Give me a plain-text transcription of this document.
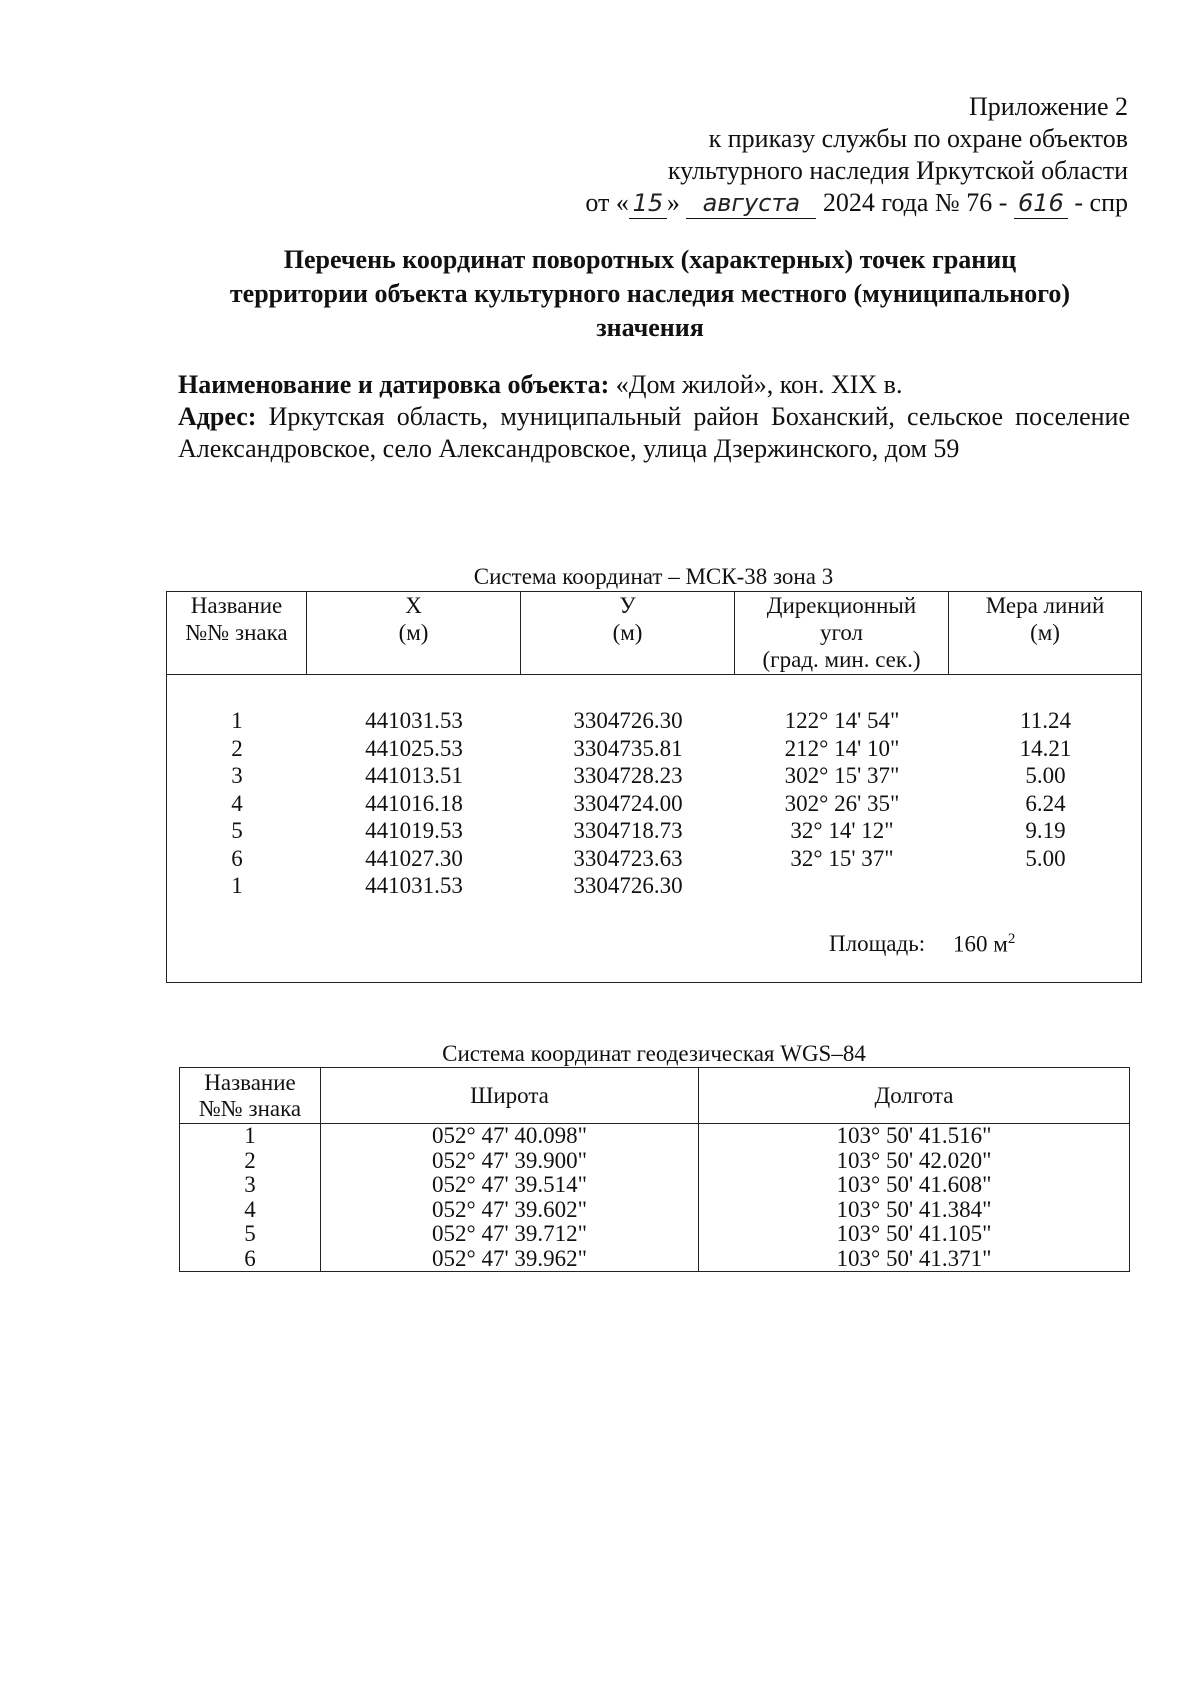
Приложение 2
к приказу службы по охране объектов
культурного наследия Иркутской области
от « 15 » августа 2024 года № 76 - 616 - спр
Перечень координат поворотных (характерных) точек границ
территории объекта культурного наследия местного (муниципального)
значения
Наименование и датировка объекта: «Дом жилой», кон. XIX в.
Адрес: Иркутская область, муниципальный район Боханский, сельское поселение Александровское, село Александровское, улица Дзержинского, дом 59
Система координат – МСК-38 зона 3
Название
№№ знака

Х
(м)

У
(м)

Дирекционный
угол
(град. мин. сек.)

Мера линий
(м)

1	441031.53	3304726.30	122° 14' 54"	11.24
2	441025.53	3304735.81	212° 14' 10"	14.21
3	441013.51	3304728.23	302° 15' 37"	5.00
4	441016.18	3304724.00	302° 26' 35"	6.24
5	441019.53	3304718.73	32° 14' 12"	9.19
6	441027.30	3304723.63	32° 15' 37"	5.00
1	441031.53	3304726.30
Площадь: 160 $м^2$
Система координат геодезическая WGS–84
Название
№№ знака	Широта	Долгота
1	052° 47' 40.098"	103° 50' 41.516"
2	052° 47' 39.900"	103° 50' 42.020"
3	052° 47' 39.514"	103° 50' 41.608"
4	052° 47' 39.602"	103° 50' 41.384"
5	052° 47' 39.712"	103° 50' 41.105"
6	052° 47' 39.962"	103° 50' 41.371"
